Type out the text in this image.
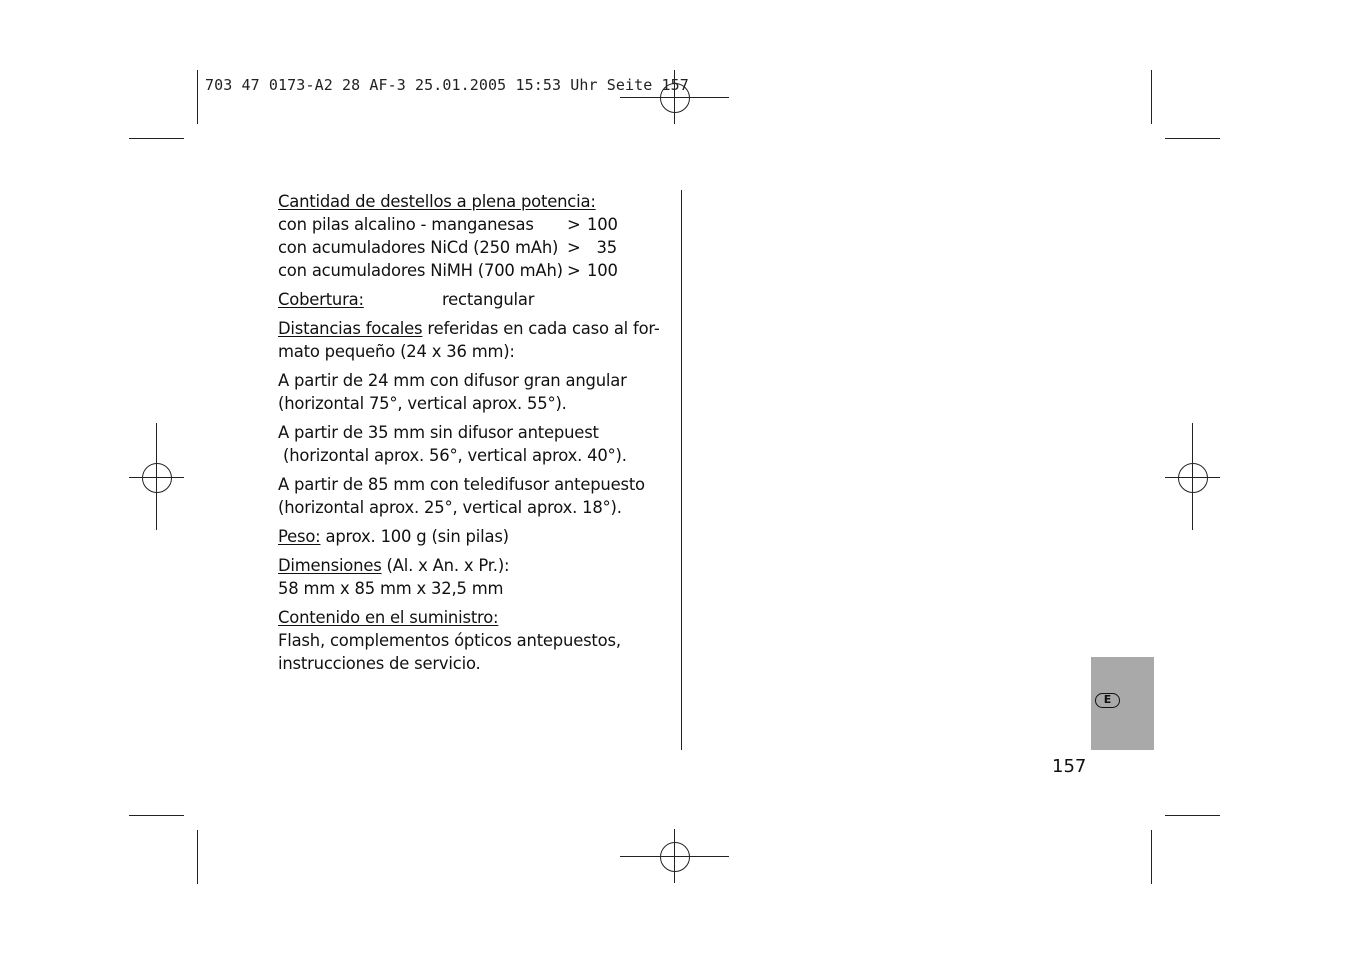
703 47 0173-A2 28 AF-3 25.01.2005 15:53 Uhr Seite 157

Cantidad de destellos a plena potencia:
con pilas alcalino - manganesas	> 100
con acumuladores NiCd (250 mAh) > 35
con acumuladores NiMH (700 mAh) > 100

Cobertura:	rectangular

Distancias focales referidas en cada caso al for-
mato pequeño (24 x 36 mm):

A partir de 24 mm con difusor gran angular
(horizontal 75°, vertical aprox. 55°).

A partir de 35 mm sin difusor antepuest
(horizontal aprox. 56°, vertical aprox. 40°).

A partir de 85 mm con teledifusor antepuesto
(horizontal aprox. 25°, vertical aprox. 18°).

Peso: aprox. 100 g (sin pilas)

Dimensiones (Al. x An. x Pr.):
58 mm x 85 mm x 32,5 mm

Contenido en el suministro:
Flash, complementos ópticos antepuestos,
instrucciones de servicio.

E
157
